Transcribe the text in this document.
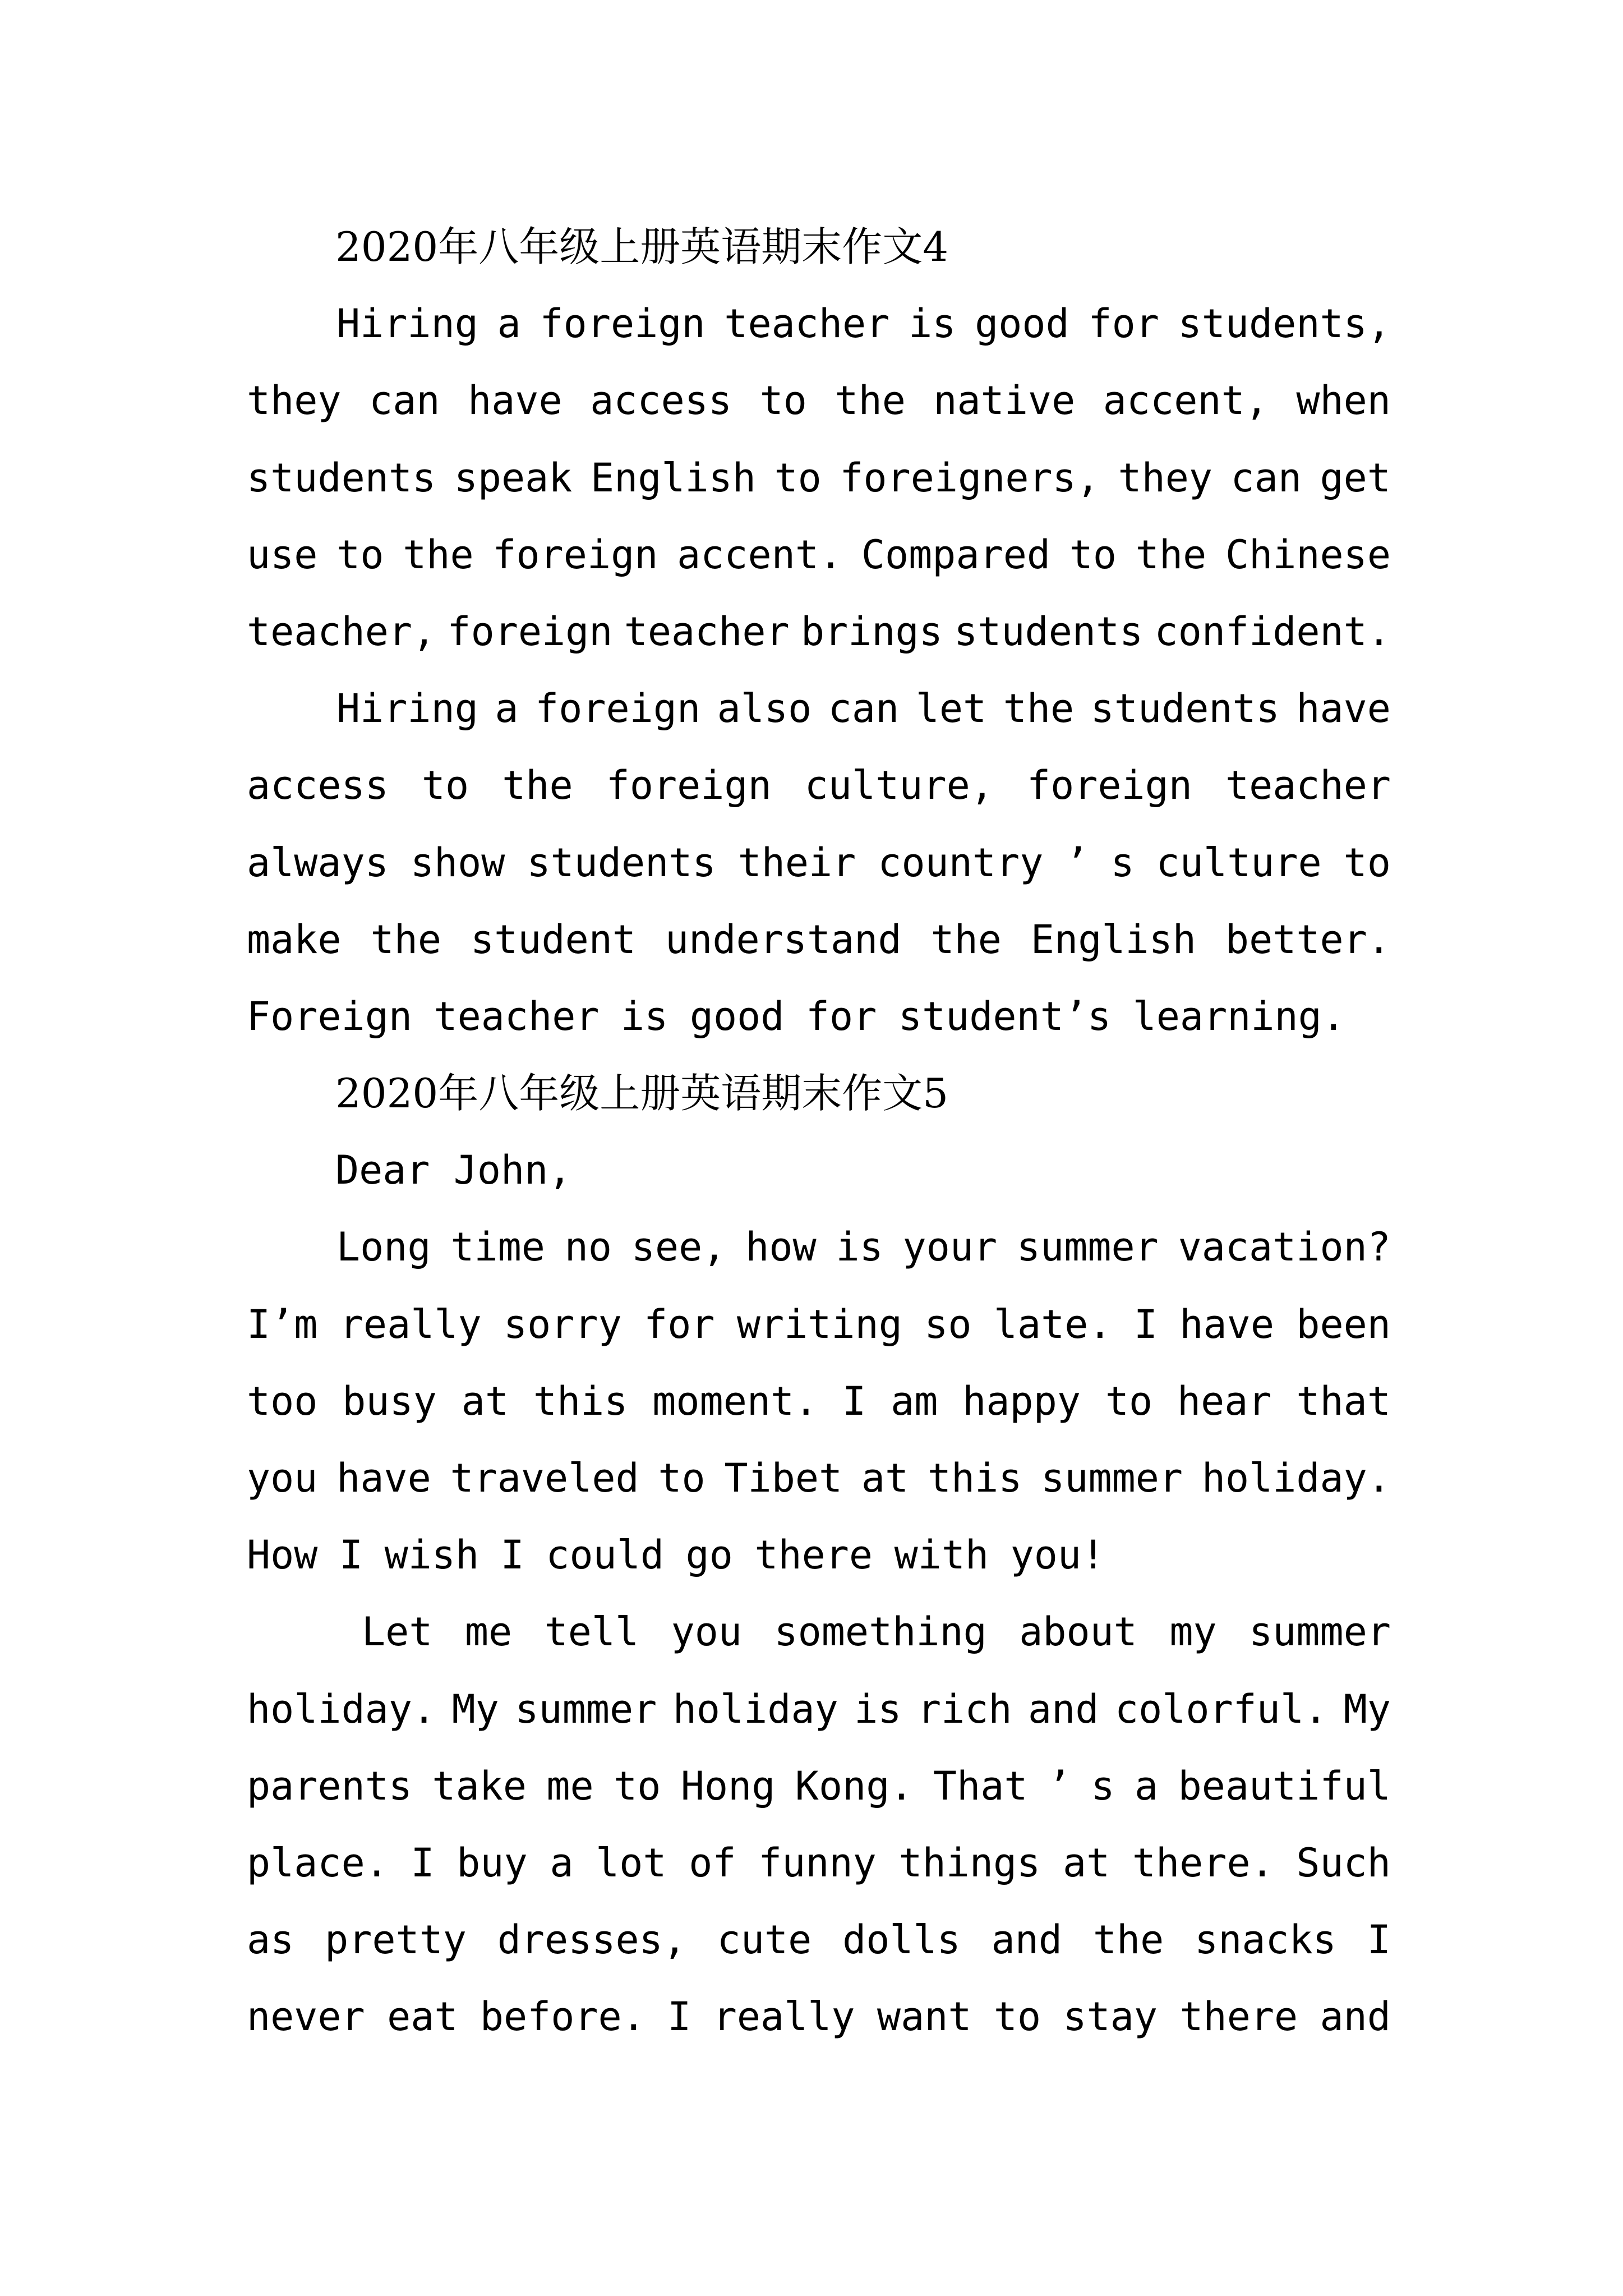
2020年八年级上册英语期末作文4
Hiring a foreign teacher is good for students,
they can have access to the native accent, when
students speak English to foreigners, they can get
use to the foreign accent. Compared to the Chinese
teacher, foreign teacher brings students confident.
Hiring a foreign also can let the students have
access to the foreign culture, foreign teacher
always show students their country ’ s culture to
make the student understand the English better.
Foreign teacher is good for student’s learning.
2020年八年级上册英语期末作文5
Dear John,
Long time no see, how is your summer vacation?
I’m really sorry for writing so late. I have been
too busy at this moment. I am happy to hear that
you have traveled to Tibet at this summer holiday.
How I wish I could go there with you!
Let me tell you something about my summer
holiday. My summer holiday is rich and colorful. My
parents take me to Hong Kong. That ’ s a beautiful
place. I buy a lot of funny things at there. Such
as pretty dresses, cute dolls and the snacks I
never eat before. I really want to stay there and
